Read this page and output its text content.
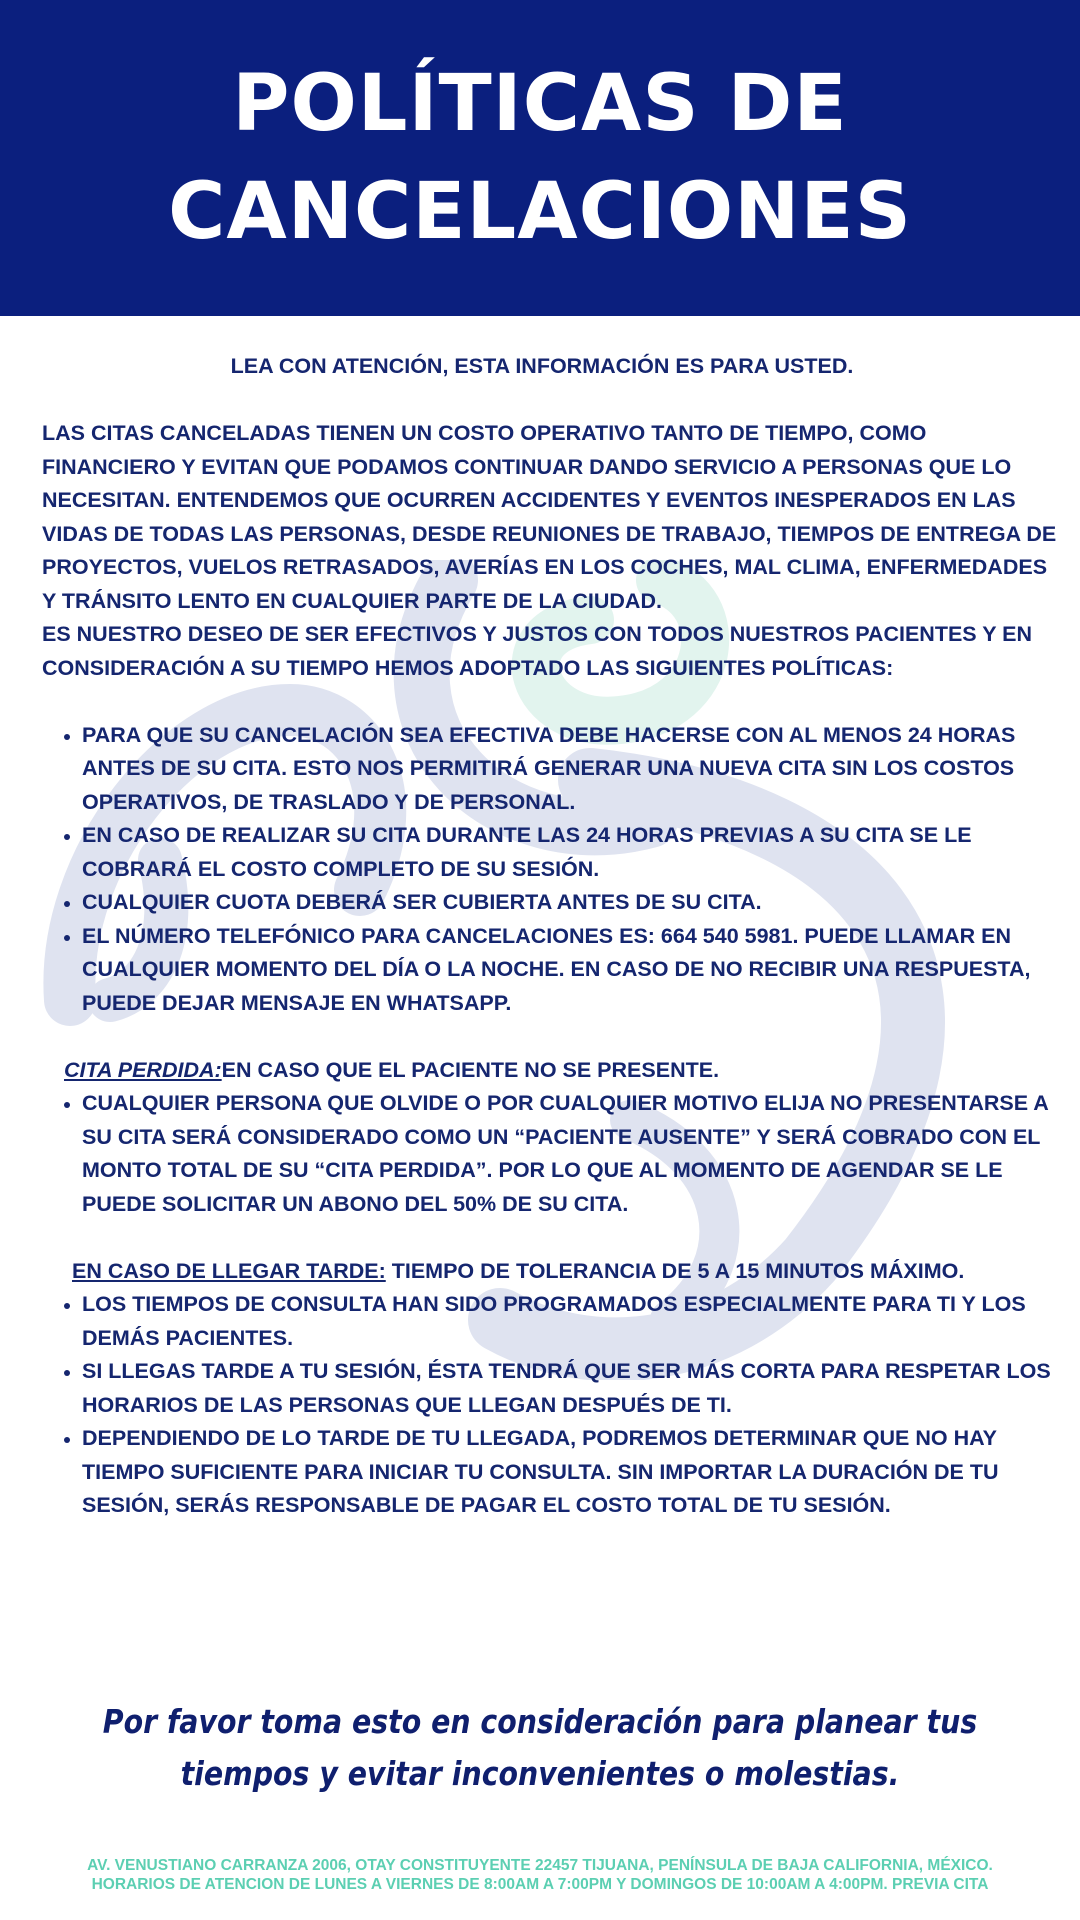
POLÍTICAS DE
CANCELACIONES

LEA CON ATENCIÓN, ESTA INFORMACIÓN ES PARA USTED.

LAS CITAS CANCELADAS TIENEN UN COSTO OPERATIVO TANTO DE TIEMPO, COMO FINANCIERO Y EVITAN QUE PODAMOS CONTINUAR DANDO SERVICIO A PERSONAS QUE LO NECESITAN. ENTENDEMOS QUE OCURREN ACCIDENTES Y EVENTOS INESPERADOS EN LAS VIDAS DE TODAS LAS PERSONAS, DESDE REUNIONES DE TRABAJO, TIEMPOS DE ENTREGA DE PROYECTOS, VUELOS RETRASADOS, AVERÍAS EN LOS COCHES, MAL CLIMA, ENFERMEDADES Y TRÁNSITO LENTO EN CUALQUIER PARTE DE LA CIUDAD.

ES NUESTRO DESEO DE SER EFECTIVOS Y JUSTOS CON TODOS NUESTROS PACIENTES Y EN CONSIDERACIÓN A SU TIEMPO HEMOS ADOPTADO LAS SIGUIENTES POLÍTICAS:

• PARA QUE SU CANCELACIÓN SEA EFECTIVA DEBE HACERSE CON AL MENOS 24 HORAS ANTES DE SU CITA. ESTO NOS PERMITIRÁ GENERAR UNA NUEVA CITA SIN LOS COSTOS OPERATIVOS, DE TRASLADO Y DE PERSONAL.
• EN CASO DE REALIZAR SU CITA DURANTE LAS 24 HORAS PREVIAS A SU CITA SE LE COBRARÁ EL COSTO COMPLETO DE SU SESIÓN.
• CUALQUIER CUOTA DEBERÁ SER CUBIERTA ANTES DE SU CITA.
• EL NÚMERO TELEFÓNICO PARA CANCELACIONES ES: 664 540 5981. PUEDE LLAMAR EN CUALQUIER MOMENTO DEL DÍA O LA NOCHE. EN CASO DE NO RECIBIR UNA RESPUESTA, PUEDE DEJAR MENSAJE EN WHATSAPP.

CITA PERDIDA:EN CASO QUE EL PACIENTE NO SE PRESENTE.

• CUALQUIER PERSONA QUE OLVIDE O POR CUALQUIER MOTIVO ELIJA NO PRESENTARSE A SU CITA SERÁ CONSIDERADO COMO UN “PACIENTE AUSENTE” Y SERÁ COBRADO CON EL MONTO TOTAL DE SU “CITA PERDIDA”. POR LO QUE AL MOMENTO DE AGENDAR SE LE PUEDE SOLICITAR UN ABONO DEL 50% DE SU CITA.

EN CASO DE LLEGAR TARDE: TIEMPO DE TOLERANCIA DE 5 A 15 MINUTOS MÁXIMO.

• LOS TIEMPOS DE CONSULTA HAN SIDO PROGRAMADOS ESPECIALMENTE PARA TI Y LOS DEMÁS PACIENTES.
• SI LLEGAS TARDE A TU SESIÓN, ÉSTA TENDRÁ QUE SER MÁS CORTA PARA RESPETAR LOS HORARIOS DE LAS PERSONAS QUE LLEGAN DESPUÉS DE TI.
• DEPENDIENDO DE LO TARDE DE TU LLEGADA, PODREMOS DETERMINAR QUE NO HAY TIEMPO SUFICIENTE PARA INICIAR TU CONSULTA. SIN IMPORTAR LA DURACIÓN DE TU SESIÓN, SERÁS RESPONSABLE DE PAGAR EL COSTO TOTAL DE TU SESIÓN.
Por favor toma esto en consideración para planear tus
tiempos y evitar inconvenientes o molestias.
AV. VENUSTIANO CARRANZA 2006, OTAY CONSTITUYENTE 22457 TIJUANA, PENÍNSULA DE BAJA CALIFORNIA, MÉXICO.
HORARIOS DE ATENCION DE LUNES A VIERNES DE 8:00AM A 7:00PM Y DOMINGOS DE 10:00AM A 4:00PM. PREVIA CITA
